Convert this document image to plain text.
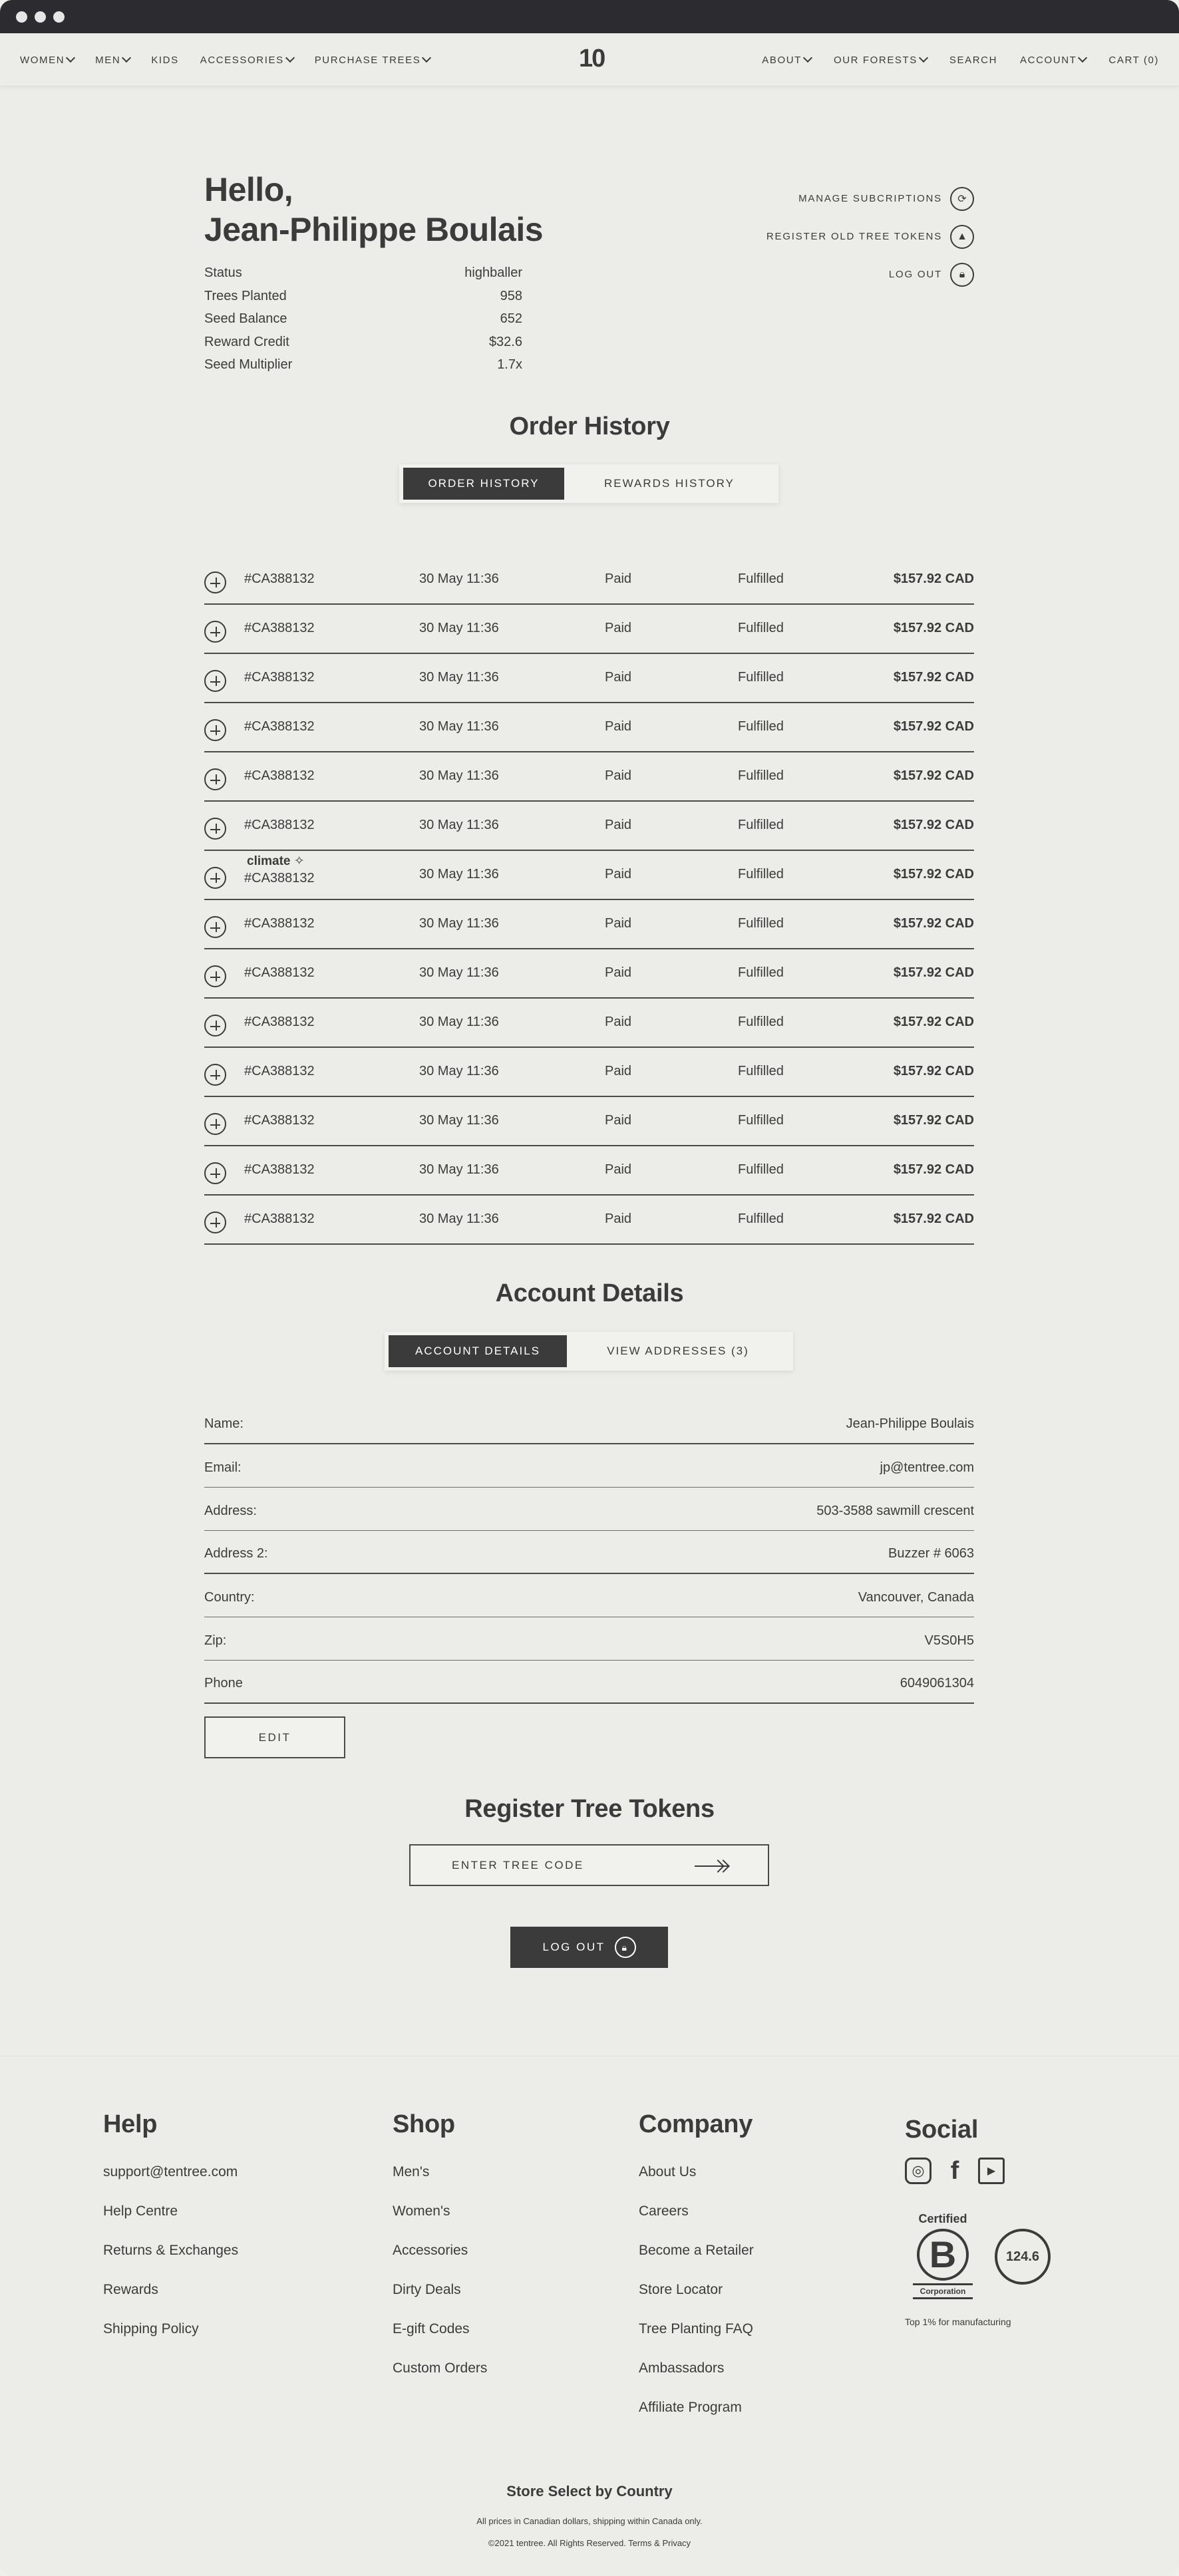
WOMEN	MEN	KIDS ACCESSORIES	PURCHASE TREES	ABOUT	OUR FORESTS	SEARCH ACCOUNT	CART (0)
10
Hello,
Jean-Philippe Boulais
Status	highballer
Trees Planted	958
Seed Balance	652
Reward Credit	$32.6
Seed Multiplier	1.7x
MANAGE SUBCRIPTIONS	⟳
REGISTER OLD TREE TOKENS	▲
LOG OUT	🔒︎
Order History
ORDER HISTORY	REWARDS HISTORY
#CA388132	30 May 11:36	Paid	Fulfilled	$157.92 CAD
#CA388132	30 May 11:36	Paid	Fulfilled	$157.92 CAD
#CA388132	30 May 11:36	Paid	Fulfilled	$157.92 CAD
#CA388132	30 May 11:36	Paid	Fulfilled	$157.92 CAD
#CA388132	30 May 11:36	Paid	Fulfilled	$157.92 CAD
#CA388132	30 May 11:36	Paid	Fulfilled	$157.92 CAD
climate ✧
#CA388132	30 May 11:36	Paid	Fulfilled	$157.92 CAD
#CA388132	30 May 11:36	Paid	Fulfilled	$157.92 CAD
#CA388132	30 May 11:36	Paid	Fulfilled	$157.92 CAD
#CA388132	30 May 11:36	Paid	Fulfilled	$157.92 CAD
#CA388132	30 May 11:36	Paid	Fulfilled	$157.92 CAD
#CA388132	30 May 11:36	Paid	Fulfilled	$157.92 CAD
#CA388132	30 May 11:36	Paid	Fulfilled	$157.92 CAD
#CA388132	30 May 11:36	Paid	Fulfilled	$157.92 CAD
Account Details
ACCOUNT DETAILS	VIEW ADDRESSES (3)
Name:	Jean-Philippe Boulais
Email:	jp@tentree.com
Address:	503-3588 sawmill crescent
Address 2:	Buzzer # 6063
Country:	Vancouver, Canada
Zip:	V5S0H5
Phone	6049061304
EDIT
Register Tree Tokens
ENTER TREE CODE
LOG OUT	🔒︎
Help
support@tentree.com
Help Centre
Returns & Exchanges
Rewards
Shipping Policy
Shop
Men's
Women's
Accessories
Dirty Deals
E-gift Codes
Custom Orders
Company
About Us
Careers
Become a Retailer
Store Locator
Tree Planting FAQ
Ambassadors
Affiliate Program
Social
◎ f	▶
Certified
B
Corporation
124.6
Top 1% for manufacturing
Store Select by Country
All prices in Canadian dollars, shipping within Canada only.
©2021 tentree. All Rights Reserved. Terms & Privacy
